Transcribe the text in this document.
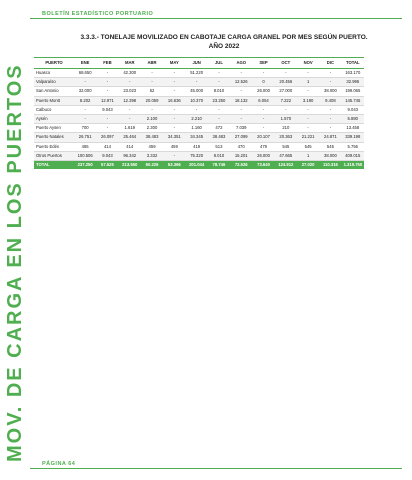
BOLETÍN ESTADÍSTICO PORTUARIO
MOV. DE CARGA EN LOS PUERTOS
3.3.3.- TONELAJE MOVILIZADO EN CABOTAJE CARGA GRANEL POR MES SEGÚN PUERTO.
AÑO 2022
PUERTO	ENE	FEB	MAR	ABR	MAY	JUN	JUL	AGO	SEP	OCT	NOV	DIC	TOTAL
Huasco	68.650	-	42.300	-	-	51.220	-	-	-	-	-	-	163.170
Valparaíso	-	-	-	-	-	-	-	12.526	0	20.456	1	-	32.995
San Antonio	32.000	-	23.023	52	-	45.000	8.010	-	26.000	27.000	-	38.000	199.065
Puerto Montt	8.202	12.971	12.398	20.059	16.636	10.370	23.250	18.132	6.054	7.222	3.190	9.408	145.745
Calbuco	-	9.043	-	-	-	-	-	-	-	-	-	-	9.043
Aysén	-	-	-	2.100	-	2.210	-	-	-	1.570	-	-	5.880
Puerto Aysen	700	-	1.619	2.300	-	1.160	472	7.039	-	210	-	-	13.458
Puerto Natales	26.751	26.097	25.464	38.483	34.351	34.345	38.483	27.099	20.107	20.363	21.221	24.871	339.198
Puerto Edén	485	414	414	459	459	419	513	470	479	545	545	545	5.756
Otros Puertos	100.506	9.043	96.342	3.332	-	75.320	8.010	15.201	26.000	47.665	1	38.000	409.015
TOTAL	237.250	57.525	213.550	60.226	53.366	201.044	78.746	72.526	73.640	124.912	27.020	110.316	1.319.750
PÁGINA 64
